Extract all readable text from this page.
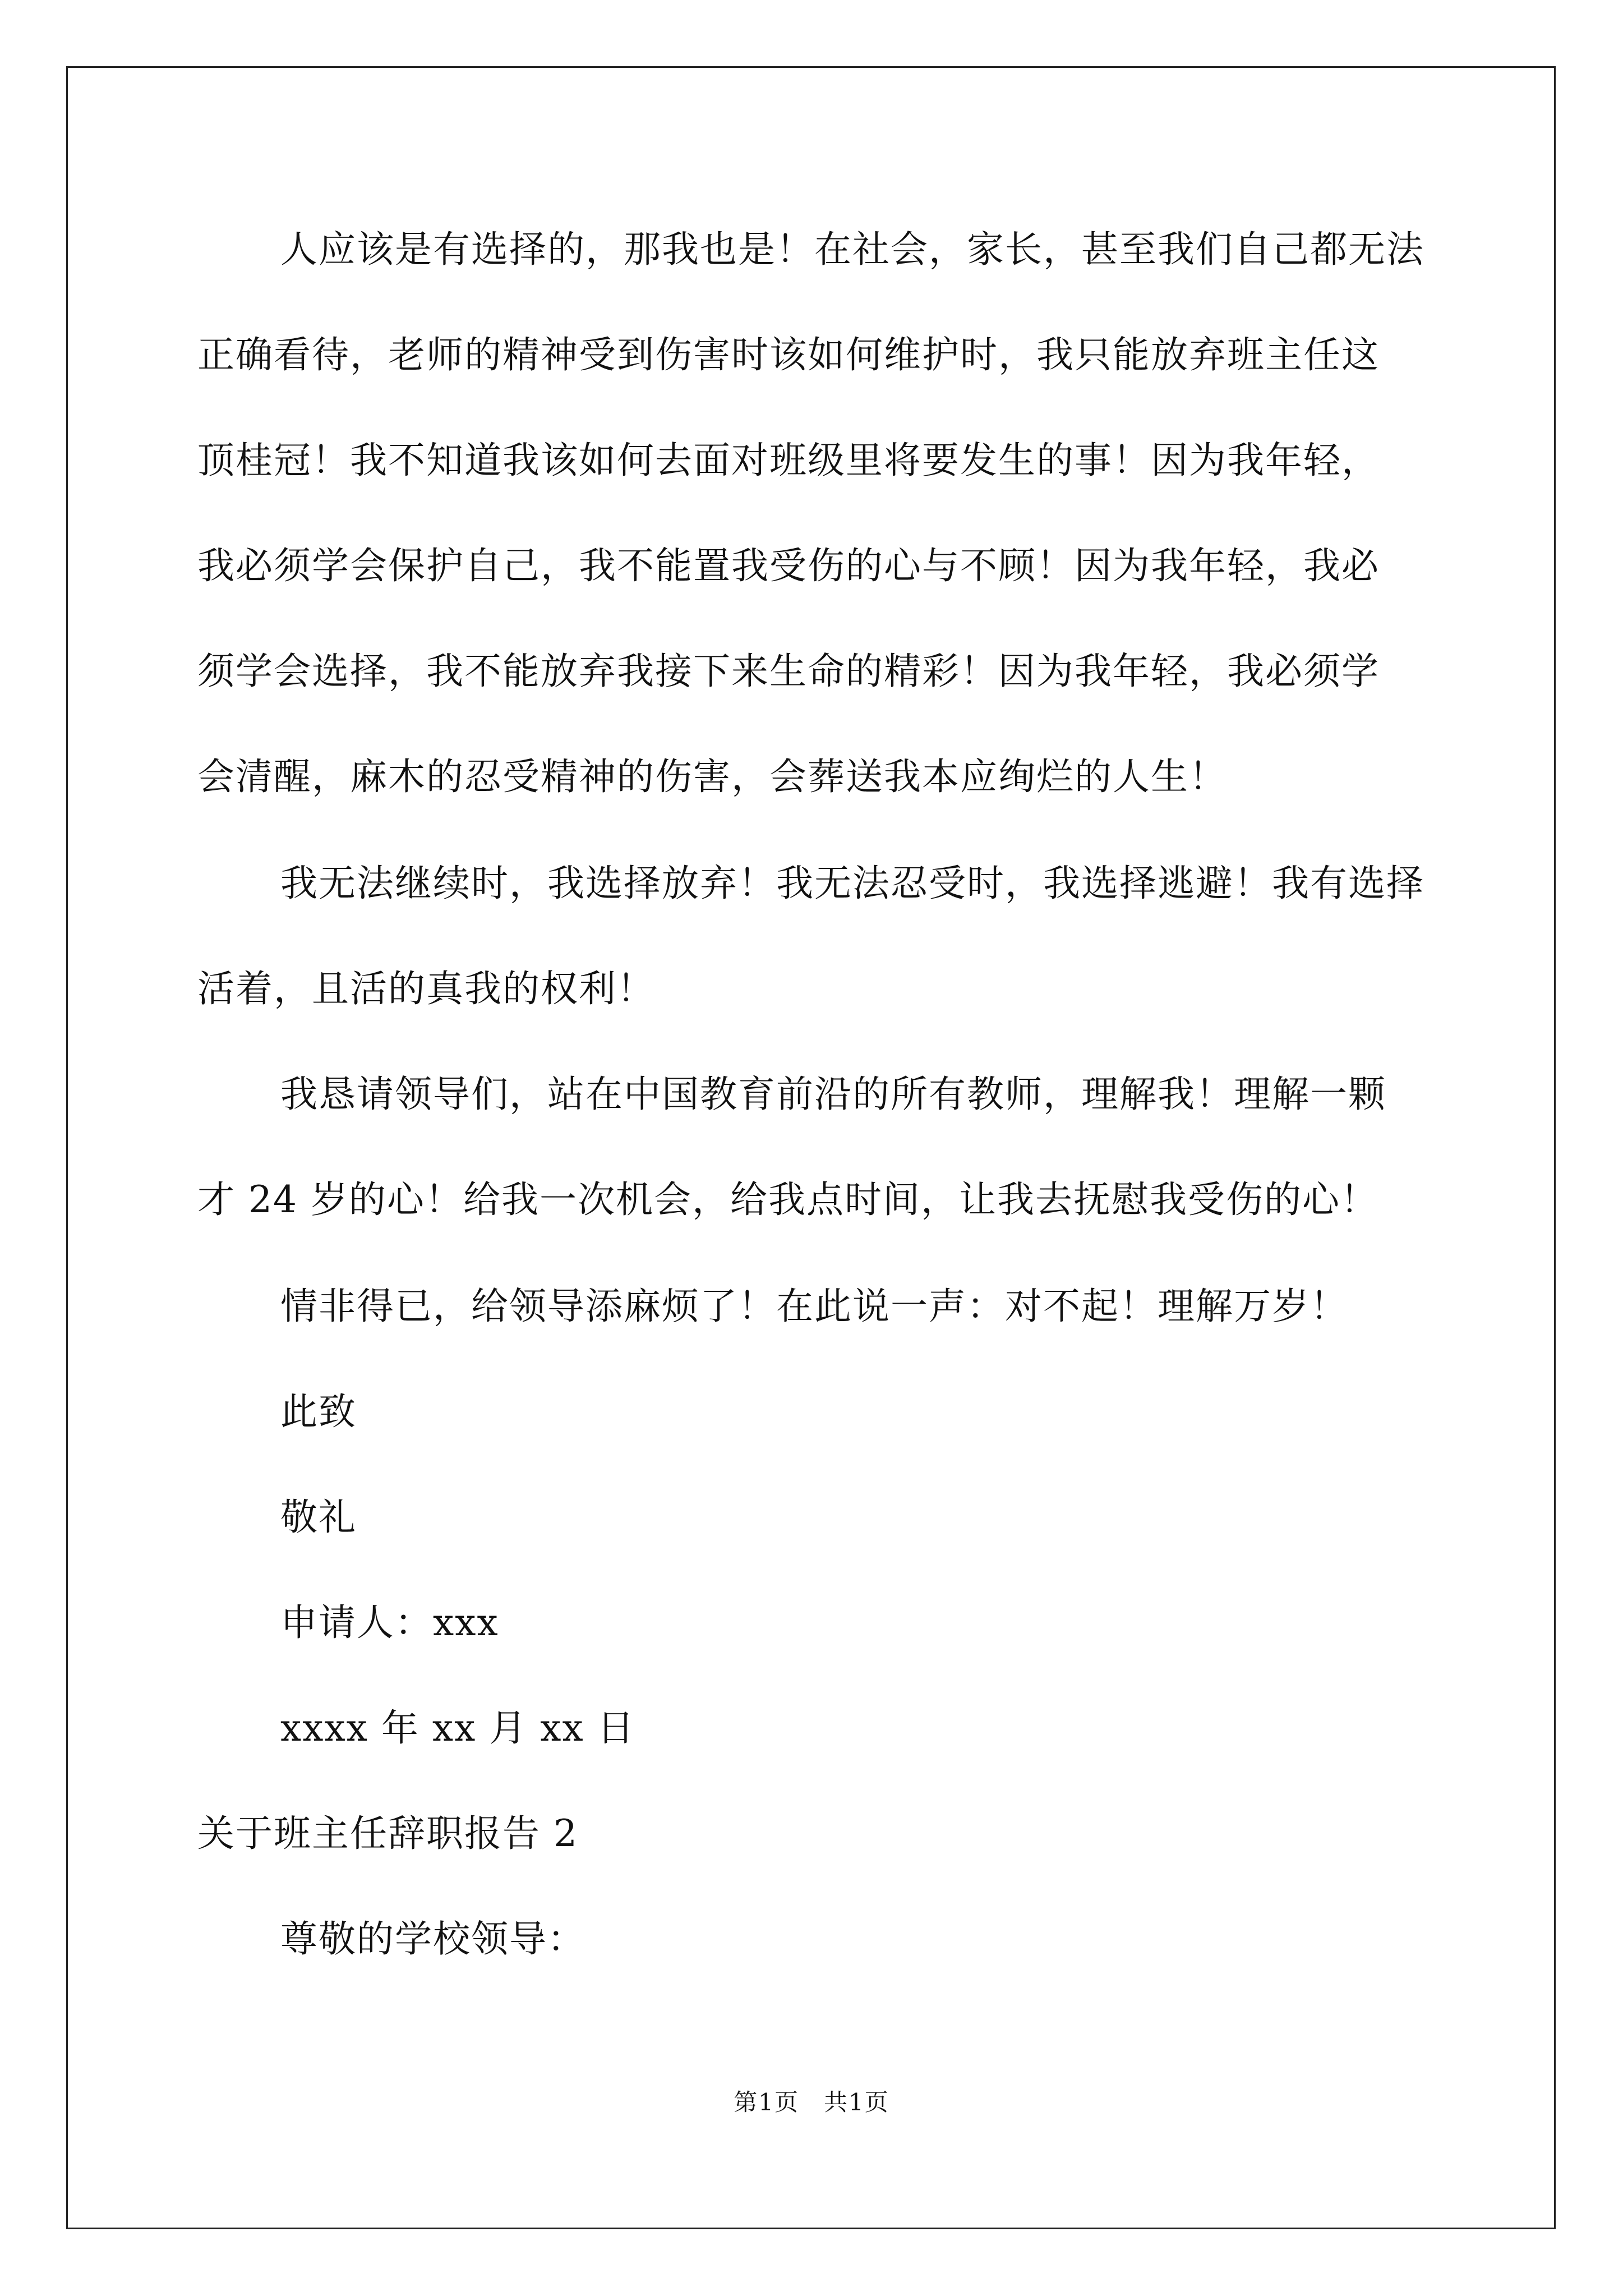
人应该是有选择的，那我也是！在社会，家长，甚至我们自己都无法
正确看待，老师的精神受到伤害时该如何维护时，我只能放弃班主任这
顶桂冠！我不知道我该如何去面对班级里将要发生的事！因为我年轻，
我必须学会保护自己，我不能置我受伤的心与不顾！因为我年轻，我必
须学会选择，我不能放弃我接下来生命的精彩！因为我年轻，我必须学
会清醒，麻木的忍受精神的伤害，会葬送我本应绚烂的人生！
我无法继续时，我选择放弃！我无法忍受时，我选择逃避！我有选择
活着，且活的真我的权利！
我恳请领导们，站在中国教育前沿的所有教师，理解我！理解一颗
才 24 岁的心！给我一次机会，给我点时间，让我去抚慰我受伤的心！
情非得已，给领导添麻烦了！在此说一声：对不起！理解万岁！
此致
敬礼
申请人：xxx
xxxx 年 xx 月 xx 日
关于班主任辞职报告 2
尊敬的学校领导：
第1页　共1页
